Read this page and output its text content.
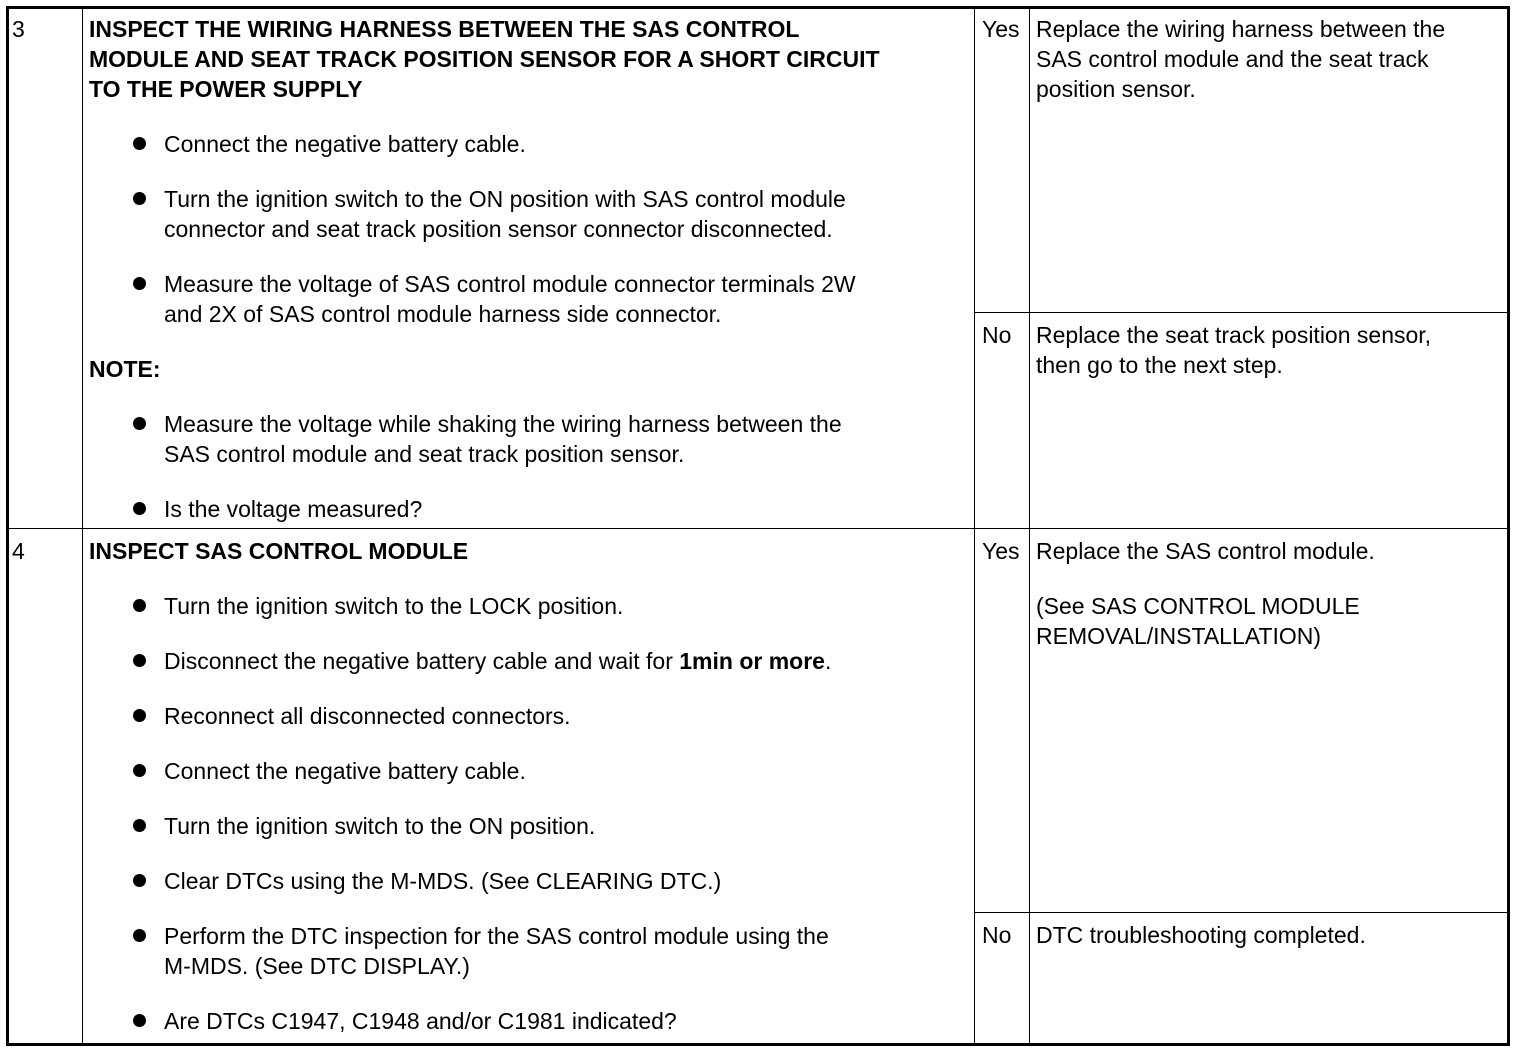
3	INSPECT THE WIRING HARNESS BETWEEN THE SAS CONTROL
MODULE AND SEAT TRACK POSITION SENSOR FOR A SHORT CIRCUIT
TO THE POWER SUPPLY
Connect the negative battery cable.
Turn the ignition switch to the ON position with SAS control module
connector and seat track position sensor connector disconnected.
Measure the voltage of SAS control module connector terminals 2W
and 2X of SAS control module harness side connector.
NOTE:
Measure the voltage while shaking the wiring harness between the
SAS control module and seat track position sensor.
Is the voltage measured?
Yes Replace the wiring harness between the
SAS control module and the seat track
position sensor.
No Replace the seat track position sensor,
then go to the next step.
4	INSPECT SAS CONTROL MODULE
Turn the ignition switch to the LOCK position.
Disconnect the negative battery cable and wait for 1min or more.
Reconnect all disconnected connectors.
Connect the negative battery cable.
Turn the ignition switch to the ON position.
Clear DTCs using the M-MDS. (See CLEARING DTC.)
Perform the DTC inspection for the SAS control module using the
M-MDS. (See DTC DISPLAY.)
Are DTCs C1947, C1948 and/or C1981 indicated?
Yes Replace the SAS control module.
(See SAS CONTROL MODULE
REMOVAL/INSTALLATION)
No DTC troubleshooting completed.
